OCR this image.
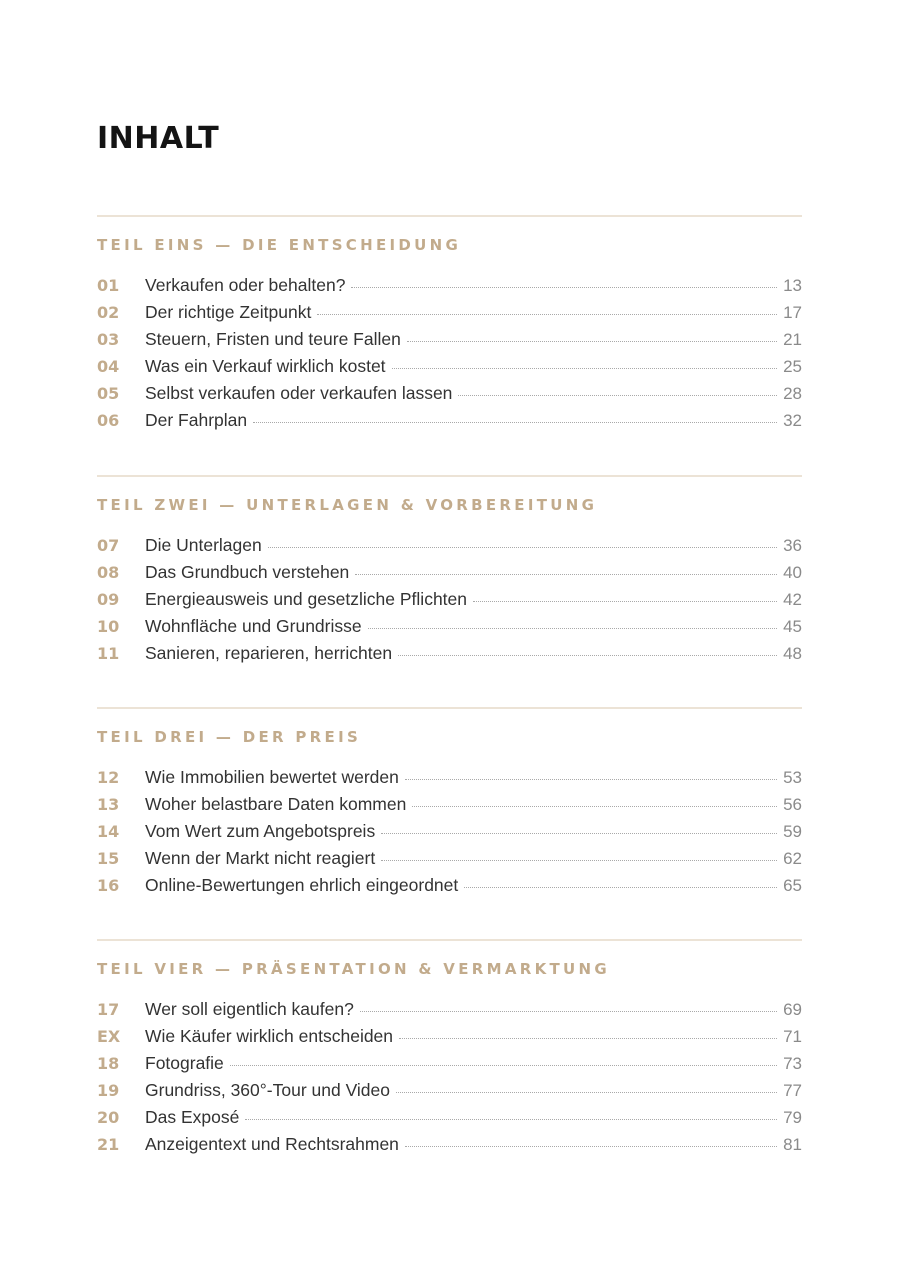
INHALT
TEIL EINS — DIE ENTSCHEIDUNG
01	Verkaufen oder behalten?	13
02	Der richtige Zeitpunkt	17
03	Steuern, Fristen und teure Fallen	21
04	Was ein Verkauf wirklich kostet	25
05	Selbst verkaufen oder verkaufen lassen	28
06	Der Fahrplan	32
TEIL ZWEI — UNTERLAGEN & VORBEREITUNG
07	Die Unterlagen	36
08	Das Grundbuch verstehen	40
09	Energieausweis und gesetzliche Pflichten	42
10	Wohnfläche und Grundrisse	45
11	Sanieren, reparieren, herrichten	48
TEIL DREI — DER PREIS
12	Wie Immobilien bewertet werden	53
13	Woher belastbare Daten kommen	56
14	Vom Wert zum Angebotspreis	59
15	Wenn der Markt nicht reagiert	62
16	Online-Bewertungen ehrlich eingeordnet	65
TEIL VIER — PRÄSENTATION & VERMARKTUNG
17	Wer soll eigentlich kaufen?	69
EX	Wie Käufer wirklich entscheiden	71
18	Fotografie	73
19	Grundriss, 360°-Tour und Video	77
20	Das Exposé	79
21	Anzeigentext und Rechtsrahmen	81
